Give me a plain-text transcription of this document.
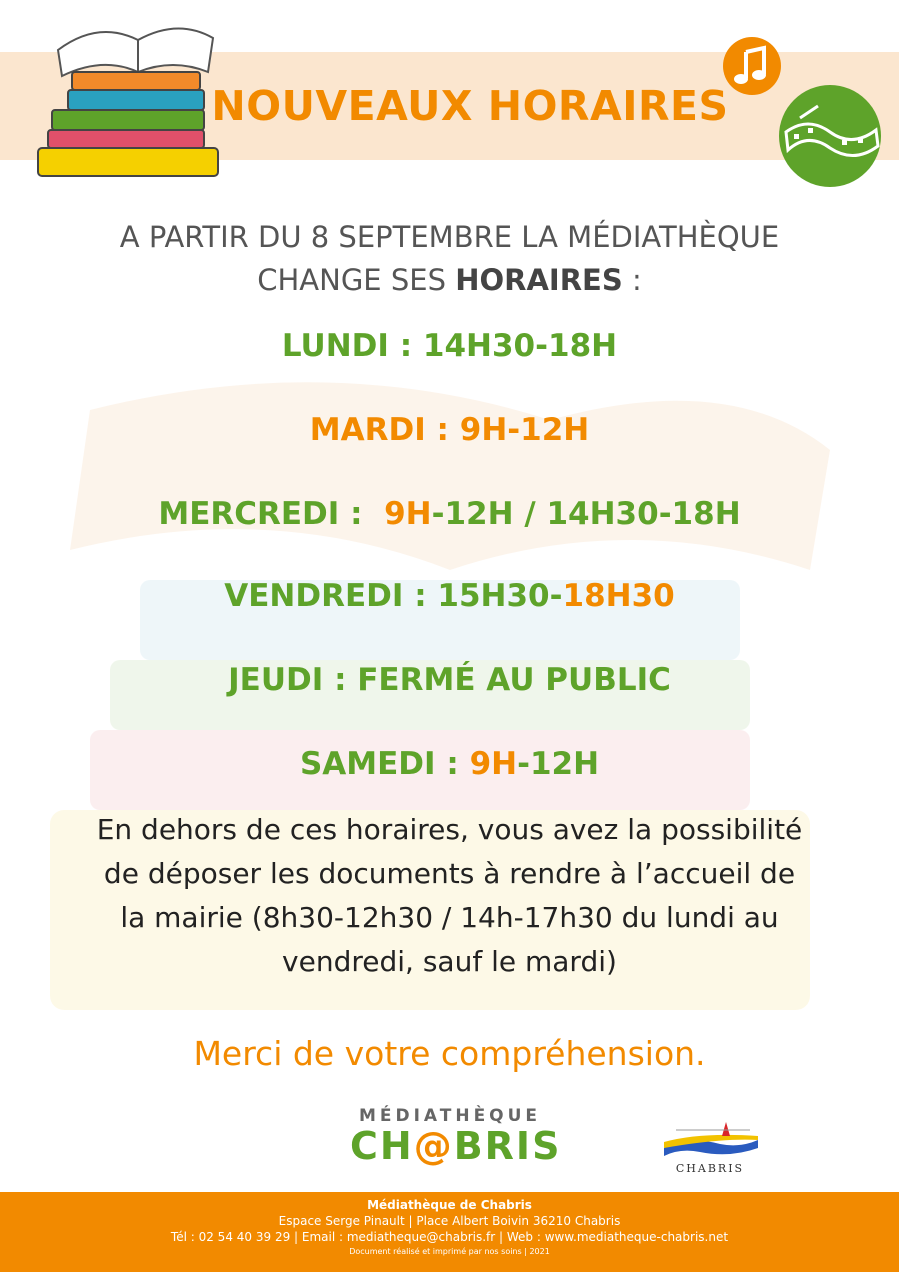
NOUVEAUX HORAIRES
A PARTIR DU 8 SEPTEMBRE LA MÉDIATHÈQUE
CHANGE SES HORAIRES :
LUNDI : 14H30-18H
MARDI : 9H-12H
MERCREDI :  9H-12H / 14H30-18H
VENDREDI : 15H30-18H30
JEUDI : FERMÉ AU PUBLIC
SAMEDI : 9H-12H
En dehors de ces horaires, vous avez la possibilité
de déposer les documents à rendre à l’accueil de
la mairie (8h30-12h30 / 14h-17h30 du lundi au
vendredi, sauf le mardi)
Merci de votre compréhension.
MÉDIATHÈQUE
CH@BRIS
CHABRIS
Médiathèque de Chabris
Espace Serge Pinault | Place Albert Boivin 36210 Chabris
Tél : 02 54 40 39 29 | Email : mediatheque@chabris.fr | Web : www.mediatheque-chabris.net
Document réalisé et imprimé par nos soins | 2021
